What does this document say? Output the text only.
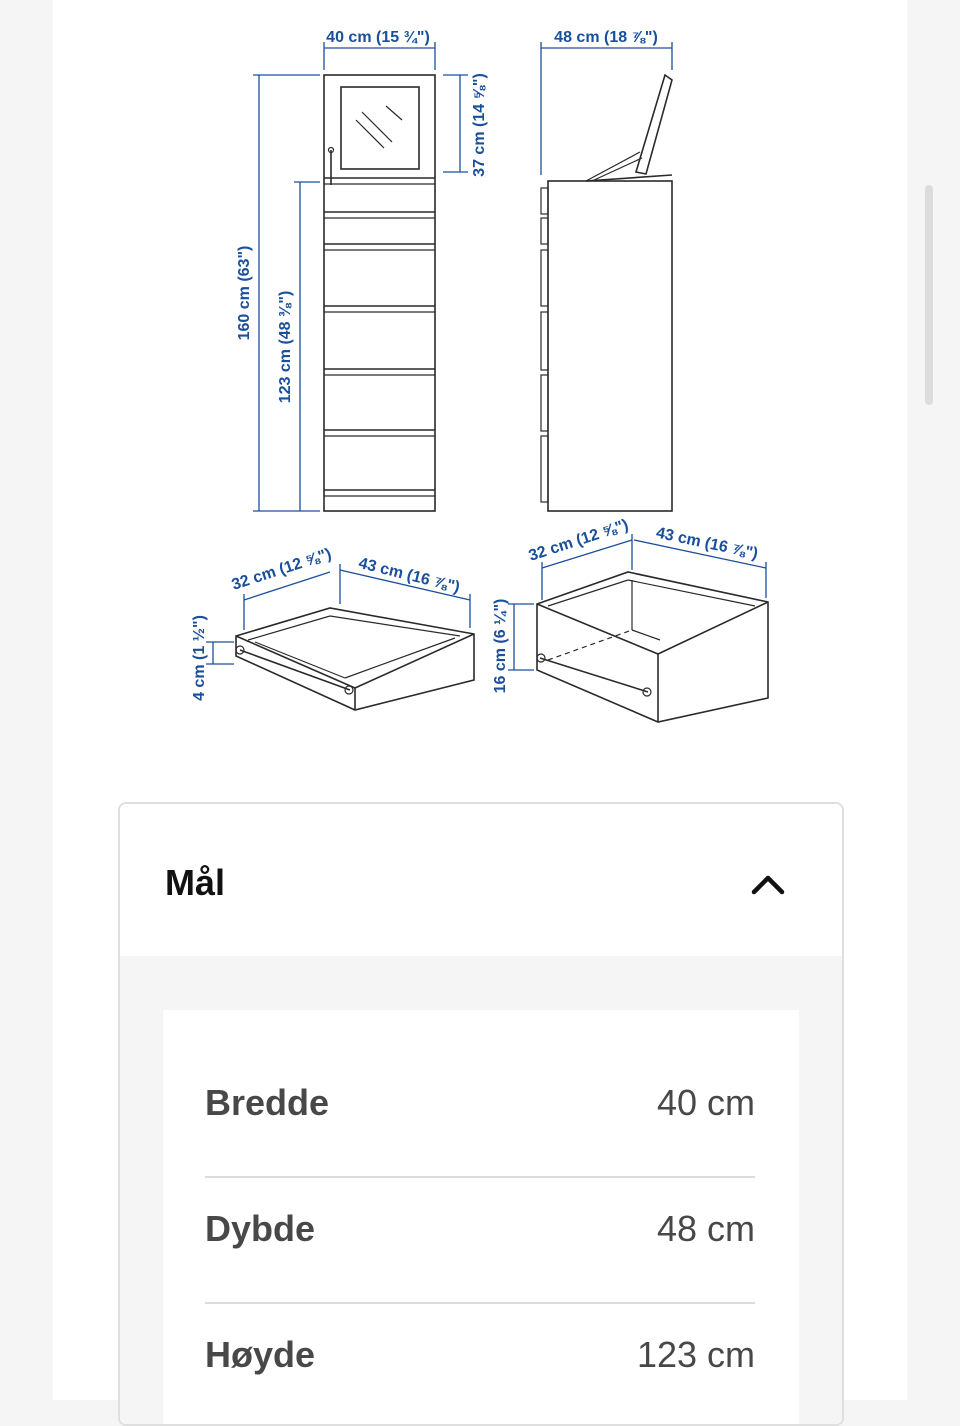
40 cm (15 ¾")
37 cm (14 ⅝")
160 cm (63") 123 cm (48 ⅜")
48 cm (18 ⅞")
32 cm (12 ⅝") 43 cm (16 ⅞")
4 cm (1 ½")
32 cm (12 ⅝") 43 cm (16 ⅞")
16 cm (6 ¼")
Mål
Bredde	40 cm
Dybde	48 cm
Høyde	123 cm
